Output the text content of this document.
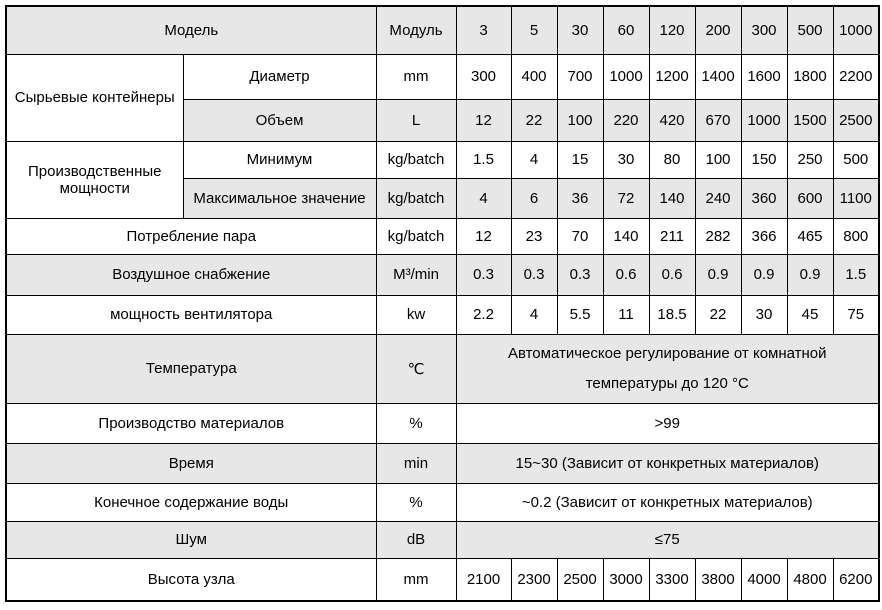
Модель		Модуль	3	5	30	60	120	200	300	500	1000
Сырьевые контейнеры	Диаметр	mm	300	400	700	1000	1200	1400	1600	1800	2200
	Объем	L	12	22	100	220	420	670	1000	1500	2500
Производственные мощности	Минимум	kg/batch	1.5	4	15	30	80	100	150	250	500
	Максимальное значение	kg/batch	4	6	36	72	140	240	360	600	1100
Потребление пара		kg/batch	12	23	70	140	211	282	366	465	800
Воздушное снабжение		M³/min	0.3	0.3	0.3	0.6	0.6	0.9	0.9	0.9	1.5
мощность вентилятора		kw	2.2	4	5.5	11	18.5	22	30	45	75
Температура		℃	Автоматическое регулирование от комнатной
температуры до 120 °C								

Производство материалов		%	>99								
Время		min	15~30 (Зависит от конкретных материалов)								
Конечное содержание воды		%	~0.2 (Зависит от конкретных материалов)								
Шум		dB	≤75								
Высота узла		mm	2100	2300	2500	3000	3300	3800	4000	4800	6200
